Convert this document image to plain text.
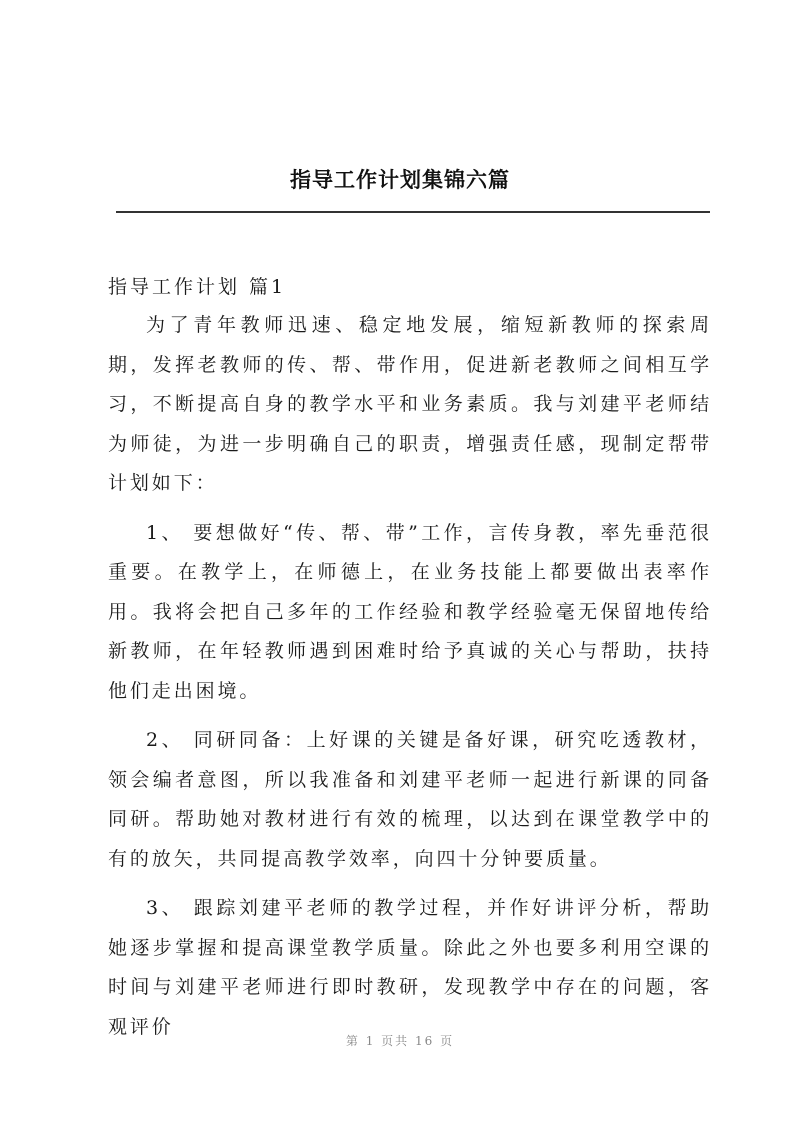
指导工作计划集锦六篇

指导工作计划 篇1

为了青年教师迅速、稳定地发展，缩短新教师的探索周期，发挥老教师的传、帮、带作用，促进新老教师之间相互学习，不断提高自身的教学水平和业务素质。我与刘建平老师结为师徒，为进一步明确自己的职责，增强责任感，现制定帮带计划如下：

1、 要想做好“传、帮、带”工作，言传身教，率先垂范很重要。在教学上，在师德上，在业务技能上都要做出表率作用。我将会把自己多年的工作经验和教学经验毫无保留地传给新教师，在年轻教师遇到困难时给予真诚的关心与帮助，扶持他们走出困境。

2、 同研同备：上好课的关键是备好课，研究吃透教材，领会编者意图，所以我准备和刘建平老师一起进行新课的同备同研。帮助她对教材进行有效的梳理，以达到在课堂教学中的有的放矢，共同提高教学效率，向四十分钟要质量。

3、 跟踪刘建平老师的教学过程，并作好讲评分析，帮助她逐步掌握和提高课堂教学质量。除此之外也要多利用空课的时间与刘建平老师进行即时教研，发现教学中存在的问题，客观评价

第 1 页共 16 页
